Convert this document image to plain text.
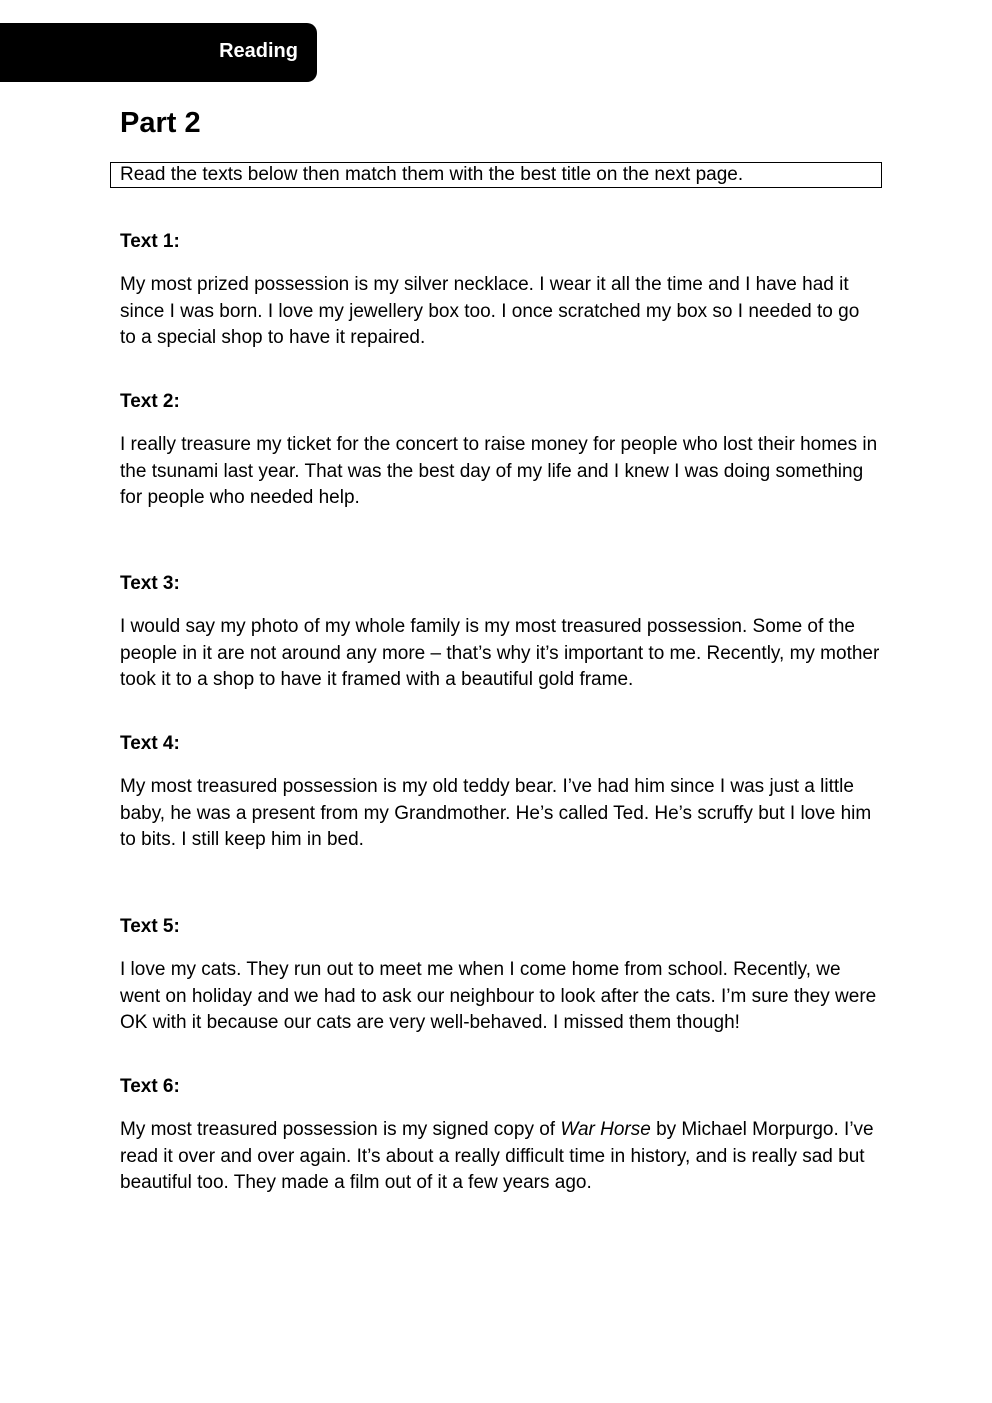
Reading
Part 2
Read the texts below then match them with the best title on the next page.

Text 1:

My most prized possession is my silver necklace. I wear it all the time and I have had it since I was born. I love my jewellery box too. I once scratched my box so I needed to go to a special shop to have it repaired.

Text 2:

I really treasure my ticket for the concert to raise money for people who lost their homes in the tsunami last year. That was the best day of my life and I knew I was doing something for people who needed help.

Text 3:

I would say my photo of my whole family is my most treasured possession. Some of the people in it are not around any more – that’s why it’s important to me. Recently, my mother took it to a shop to have it framed with a beautiful gold frame.

Text 4:

My most treasured possession is my old teddy bear. I’ve had him since I was just a little baby, he was a present from my Grandmother. He’s called Ted. He’s scruffy but I love him to bits. I still keep him in bed.

Text 5:

I love my cats. They run out to meet me when I come home from school. Recently, we went on holiday and we had to ask our neighbour to look after the cats. I’m sure they were OK with it because our cats are very well-behaved. I missed them though!

Text 6:

My most treasured possession is my signed copy of War Horse by Michael Morpurgo. I’ve read it over and over again. It’s about a really difficult time in history, and is really sad but beautiful too. They made a film out of it a few years ago.
